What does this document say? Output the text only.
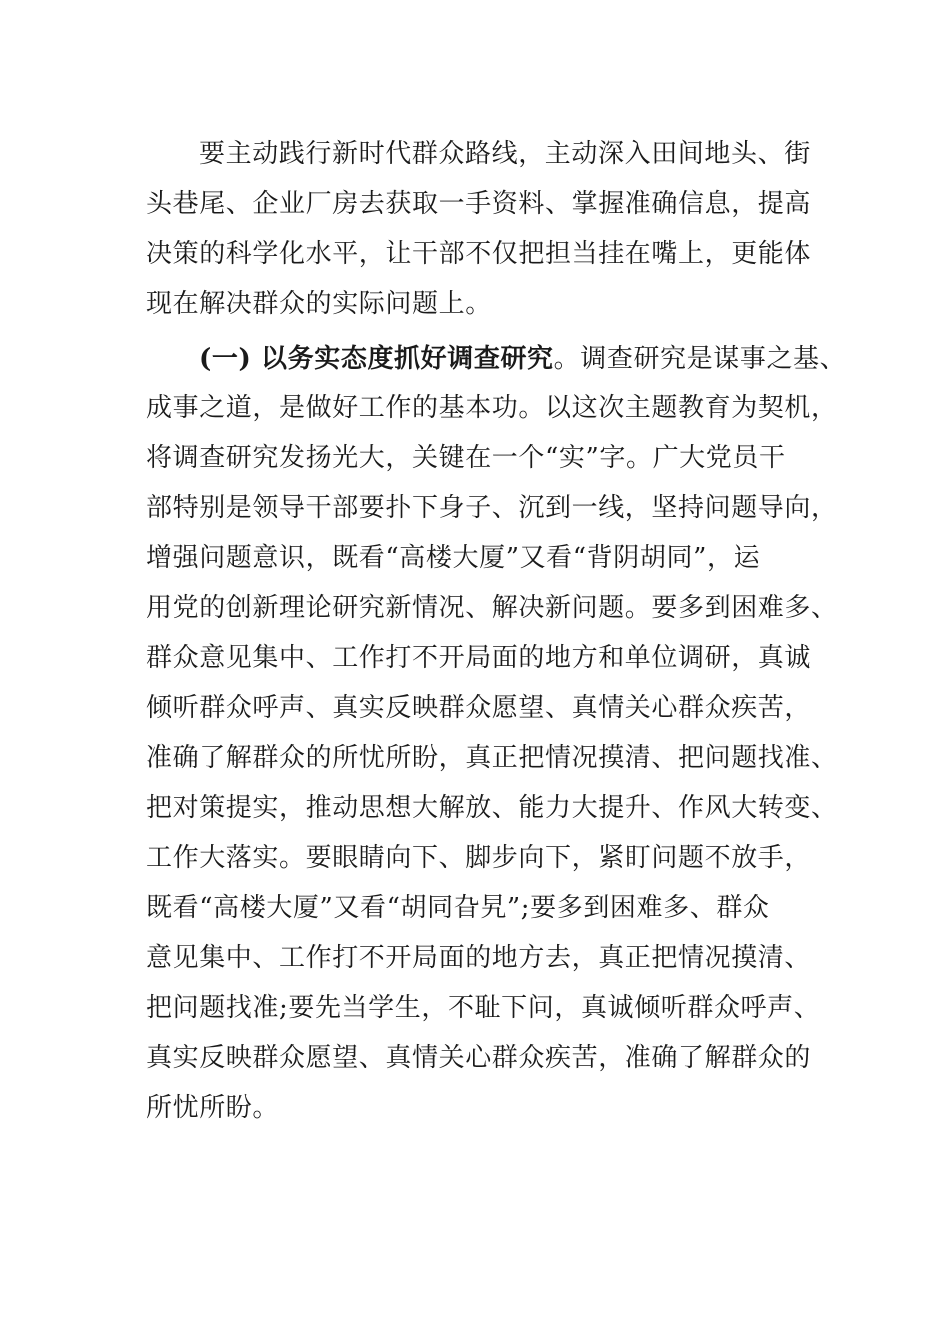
要主动践行新时代群众路线，主动深入田间地头、街
头巷尾、企业厂房去获取一手资料、掌握准确信息，提高
决策的科学化水平，让干部不仅把担当挂在嘴上，更能体
现在解决群众的实际问题上。
(一) 以务实态度抓好调查研究。调查研究是谋事之基、
成事之道，是做好工作的基本功。以这次主题教育为契机，
将调查研究发扬光大，关键在一个“实”字。广大党员干
部特别是领导干部要扑下身子、沉到一线，坚持问题导向，
增强问题意识，既看“高楼大厦”又看“背阴胡同”，运
用党的创新理论研究新情况、解决新问题。要多到困难多、
群众意见集中、工作打不开局面的地方和单位调研，真诚
倾听群众呼声、真实反映群众愿望、真情关心群众疾苦，
准确了解群众的所忧所盼，真正把情况摸清、把问题找准、
把对策提实，推动思想大解放、能力大提升、作风大转变、
工作大落实。要眼睛向下、脚步向下，紧盯问题不放手，
既看“高楼大厦”又看“胡同旮旯”;要多到困难多、群众
意见集中、工作打不开局面的地方去，真正把情况摸清、
把问题找准;要先当学生，不耻下问，真诚倾听群众呼声、
真实反映群众愿望、真情关心群众疾苦，准确了解群众的
所忧所盼。
